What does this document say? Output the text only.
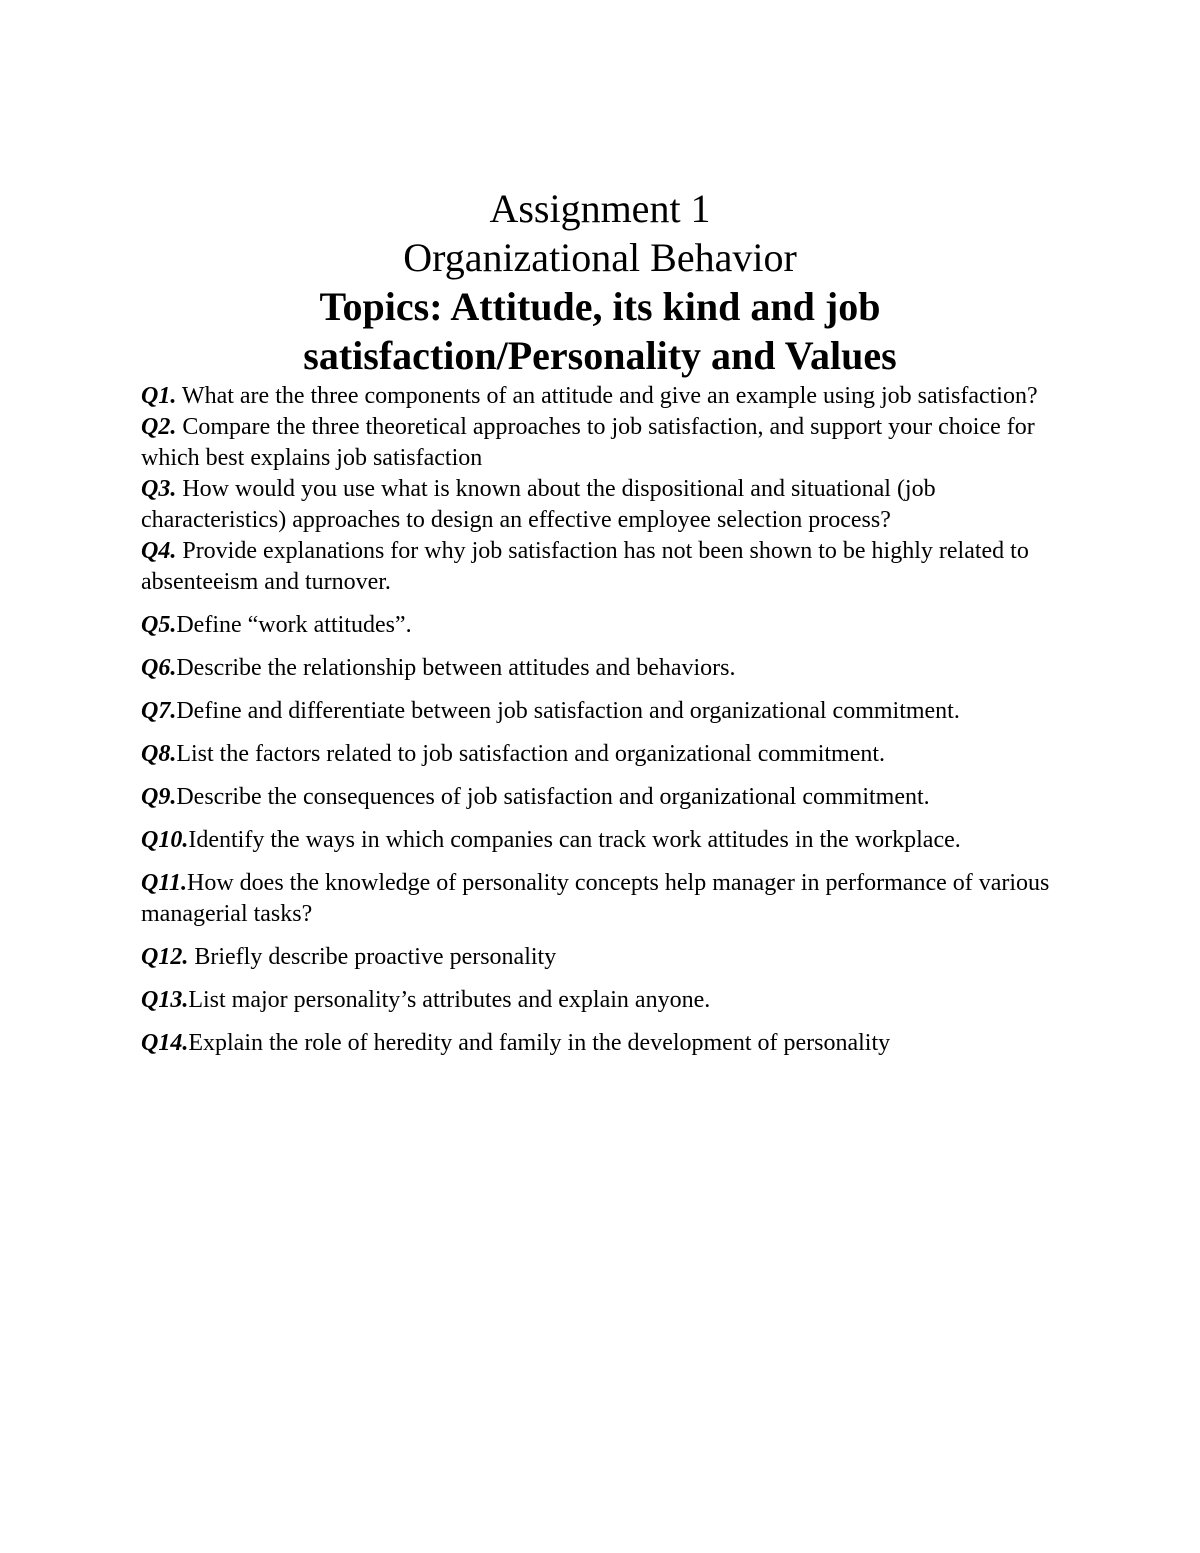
Assignment 1
Organizational Behavior
Topics: Attitude, its kind and job
satisfaction/Personality and Values
Q1. What are the three components of an attitude and give an example using job satisfaction?
Q2. Compare the three theoretical approaches to job satisfaction, and support your choice for which best explains job satisfaction
Q3. How would you use what is known about the dispositional and situational (job characteristics) approaches to design an effective employee selection process?
Q4. Provide explanations for why job satisfaction has not been shown to be highly related to absenteeism and turnover.
Q5.Define “work attitudes”.
Q6.Describe the relationship between attitudes and behaviors.
Q7.Define and differentiate between job satisfaction and organizational commitment.
Q8.List the factors related to job satisfaction and organizational commitment.
Q9.Describe the consequences of job satisfaction and organizational commitment.
Q10.Identify the ways in which companies can track work attitudes in the workplace.
Q11.How does the knowledge of personality concepts help manager in performance of various managerial tasks?
Q12. Briefly describe proactive personality
Q13.List major personality’s attributes and explain anyone.
Q14.Explain the role of heredity and family in the development of personality
